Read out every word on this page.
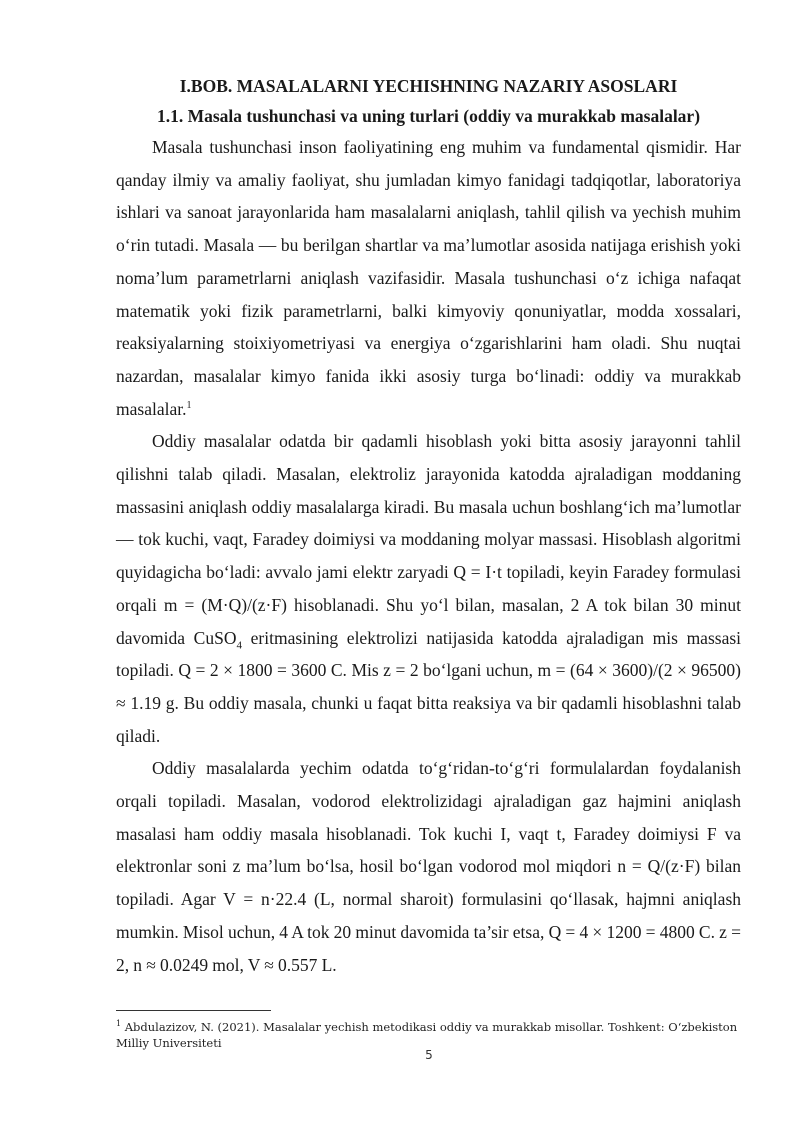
I.BOB. MASALALARNI YECHISHNING NAZARIY ASOSLARI
1.1. Masala tushunchasi va uning turlari (oddiy va murakkab masalalar)

Masala tushunchasi inson faoliyatining eng muhim va fundamental qismidir. Har qanday ilmiy va amaliy faoliyat, shu jumladan kimyo fanidagi tadqiqotlar, laboratoriya ishlari va sanoat jarayonlarida ham masalalarni aniqlash, tahlil qilish va yechish muhim o‘rin tutadi. Masala — bu berilgan shartlar va ma’lumotlar asosida natijaga erishish yoki noma’lum parametrlarni aniqlash vazifasidir. Masala tushunchasi o‘z ichiga nafaqat matematik yoki fizik parametrlarni, balki kimyoviy qonuniyatlar, modda xossalari, reaksiyalarning stoixiyometriyasi va energiya o‘zgarishlarini ham oladi. Shu nuqtai nazardan, masalalar kimyo fanida ikki asosiy turga bo‘linadi: oddiy va murakkab masalalar.$^1$

Oddiy masalalar odatda bir qadamli hisoblash yoki bitta asosiy jarayonni tahlil qilishni talab qiladi. Masalan, elektroliz jarayonida katodda ajraladigan moddaning massasini aniqlash oddiy masalalarga kiradi. Bu masala uchun boshlang‘ich ma’lumotlar — tok kuchi, vaqt, Faradey doimiysi va moddaning molyar massasi. Hisoblash algoritmi quyidagicha bo‘ladi: avvalo jami elektr zaryadi Q = I·t topiladi, keyin Faradey formulasi orqali m = (M·Q)/(z·F) hisoblanadi. Shu yo‘l bilan, masalan, 2 A tok bilan 30 minut davomida CuSO$_4$ eritmasining elektrolizi natijasida katodda ajraladigan mis massasi topiladi. Q = 2 × 1800 = 3600 C. Mis z = 2 bo‘lgani uchun, m = (64 × 3600)/(2 × 96500) ≈ 1.19 g. Bu oddiy masala, chunki u faqat bitta reaksiya va bir qadamli hisoblashni talab qiladi.

Oddiy masalalarda yechim odatda to‘g‘ridan-to‘g‘ri formulalardan foydalanish orqali topiladi. Masalan, vodorod elektrolizidagi ajraladigan gaz hajmini aniqlash masalasi ham oddiy masala hisoblanadi. Tok kuchi I, vaqt t, Faradey doimiysi F va elektronlar soni z ma’lum bo‘lsa, hosil bo‘lgan vodorod mol miqdori n = Q/(z·F) bilan topiladi. Agar V = n·22.4 (L, normal sharoit) formulasini qo‘llasak, hajmni aniqlash mumkin. Misol uchun, 4 A tok 20 minut davomida ta’sir etsa, Q = 4 × 1200 = 4800 C. z = 2, n ≈ 0.0249 mol, V ≈ 0.557 L.

$^1$ Abdulazizov, N. (2021). Masalalar yechish metodikasi oddiy va murakkab misollar. Toshkent: O‘zbekiston Milliy Universiteti
5
